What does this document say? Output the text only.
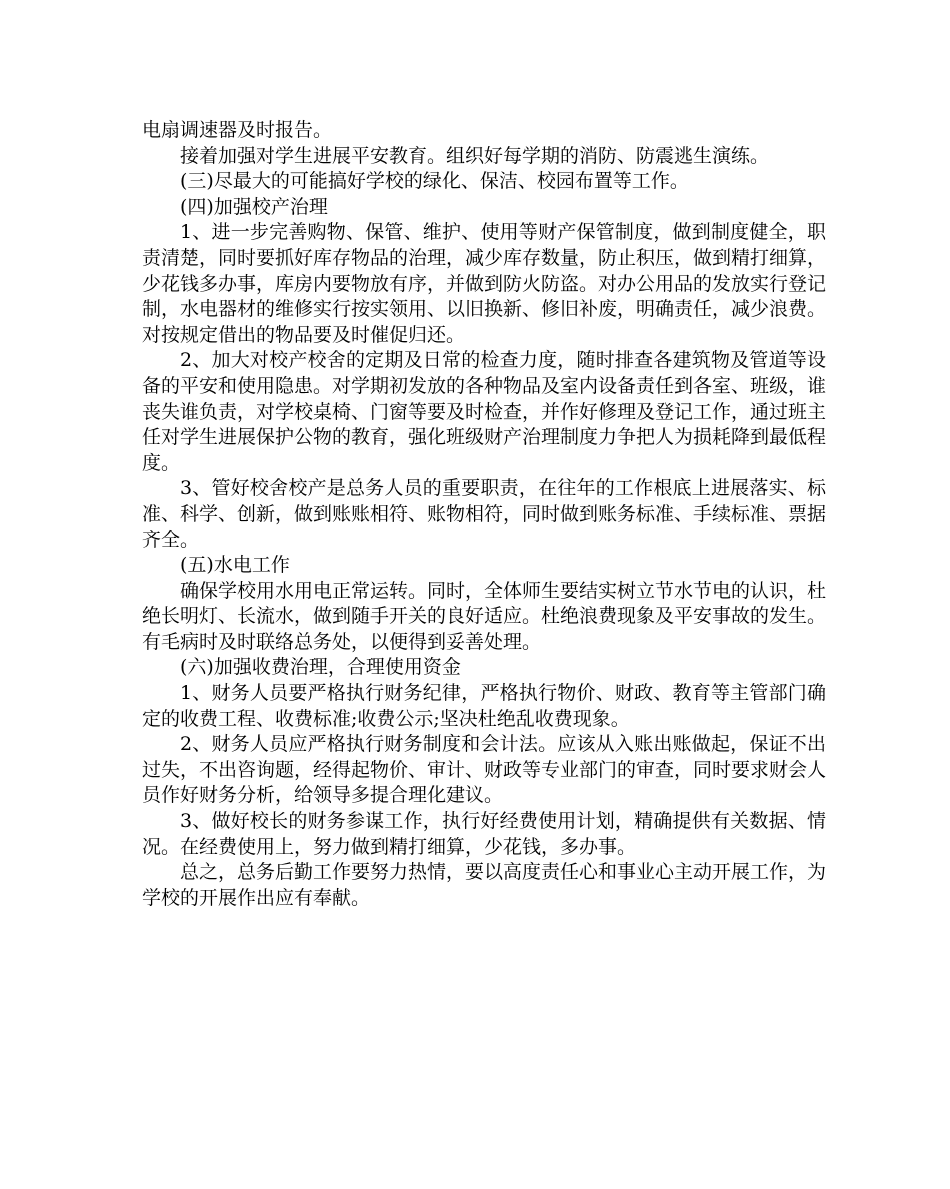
电扇调速器及时报告。

接着加强对学生进展平安教育。组织好每学期的消防、防震逃生演练。

(三)尽最大的可能搞好学校的绿化、保洁、校园布置等工作。

(四)加强校产治理

1、进一步完善购物、保管、维护、使用等财产保管制度，做到制度健全，职责清楚，同时要抓好库存物品的治理，减少库存数量，防止积压，做到精打细算，少花钱多办事，库房内要物放有序，并做到防火防盗。对办公用品的发放实行登记制，水电器材的维修实行按实领用、以旧换新、修旧补废，明确责任，减少浪费。对按规定借出的物品要及时催促归还。

2、加大对校产校舍的定期及日常的检查力度，随时排查各建筑物及管道等设备的平安和使用隐患。对学期初发放的各种物品及室内设备责任到各室、班级，谁丧失谁负责，对学校桌椅、门窗等要及时检查，并作好修理及登记工作，通过班主任对学生进展保护公物的教育，强化班级财产治理制度力争把人为损耗降到最低程度。

3、管好校舍校产是总务人员的重要职责，在往年的工作根底上进展落实、标准、科学、创新，做到账账相符、账物相符，同时做到账务标准、手续标准、票据齐全。

(五)水电工作

确保学校用水用电正常运转。同时，全体师生要结实树立节水节电的认识，杜绝长明灯、长流水，做到随手开关的良好适应。杜绝浪费现象及平安事故的发生。有毛病时及时联络总务处，以便得到妥善处理。

(六)加强收费治理，合理使用资金

1、财务人员要严格执行财务纪律，严格执行物价、财政、教育等主管部门确定的收费工程、收费标准;收费公示;坚决杜绝乱收费现象。

2、财务人员应严格执行财务制度和会计法。应该从入账出账做起，保证不出过失，不出咨询题，经得起物价、审计、财政等专业部门的审查，同时要求财会人员作好财务分析，给领导多提合理化建议。

3、做好校长的财务参谋工作，执行好经费使用计划，精确提供有关数据、情况。在经费使用上，努力做到精打细算，少花钱，多办事。

总之，总务后勤工作要努力热情，要以高度责任心和事业心主动开展工作，为学校的开展作出应有奉献。
